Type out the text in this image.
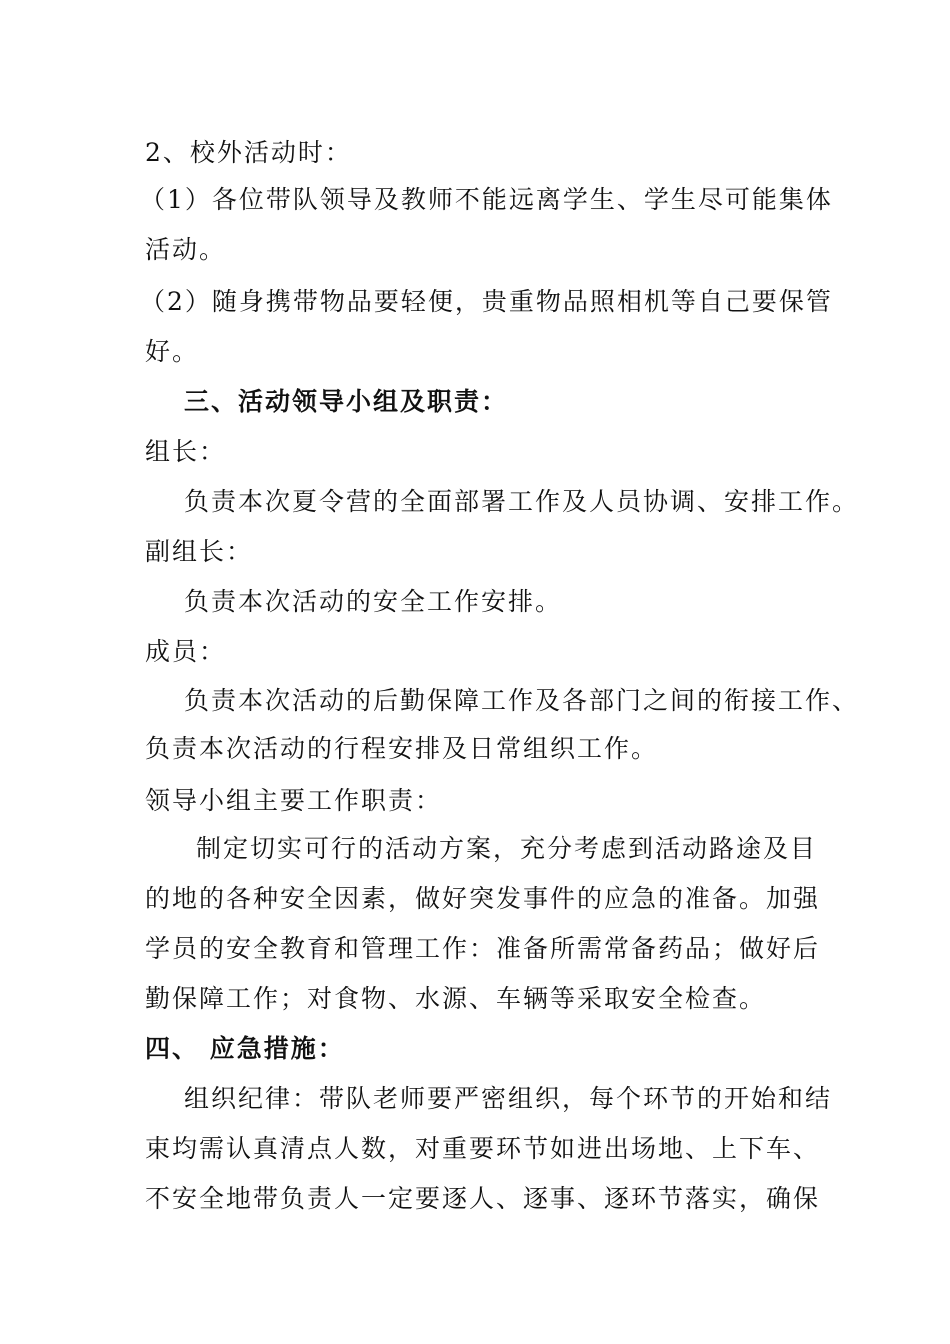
2、校外活动时：

（1）各位带队领导及教师不能远离学生、学生尽可能集体

活动。

（2）随身携带物品要轻便，贵重物品照相机等自己要保管

好。

三、活动领导小组及职责：

组长：

负责本次夏令营的全面部署工作及人员协调、安排工作。

副组长：

负责本次活动的安全工作安排。

成员：

负责本次活动的后勤保障工作及各部门之间的衔接工作、

负责本次活动的行程安排及日常组织工作。

领导小组主要工作职责：

制定切实可行的活动方案，充分考虑到活动路途及目

的地的各种安全因素，做好突发事件的应急的准备。加强

学员的安全教育和管理工作：准备所需常备药品；做好后

勤保障工作；对食物、水源、车辆等采取安全检查。

四、 应急措施：

组织纪律：带队老师要严密组织，每个环节的开始和结

束均需认真清点人数，对重要环节如进出场地、上下车、

不安全地带负责人一定要逐人、逐事、逐环节落实，确保
